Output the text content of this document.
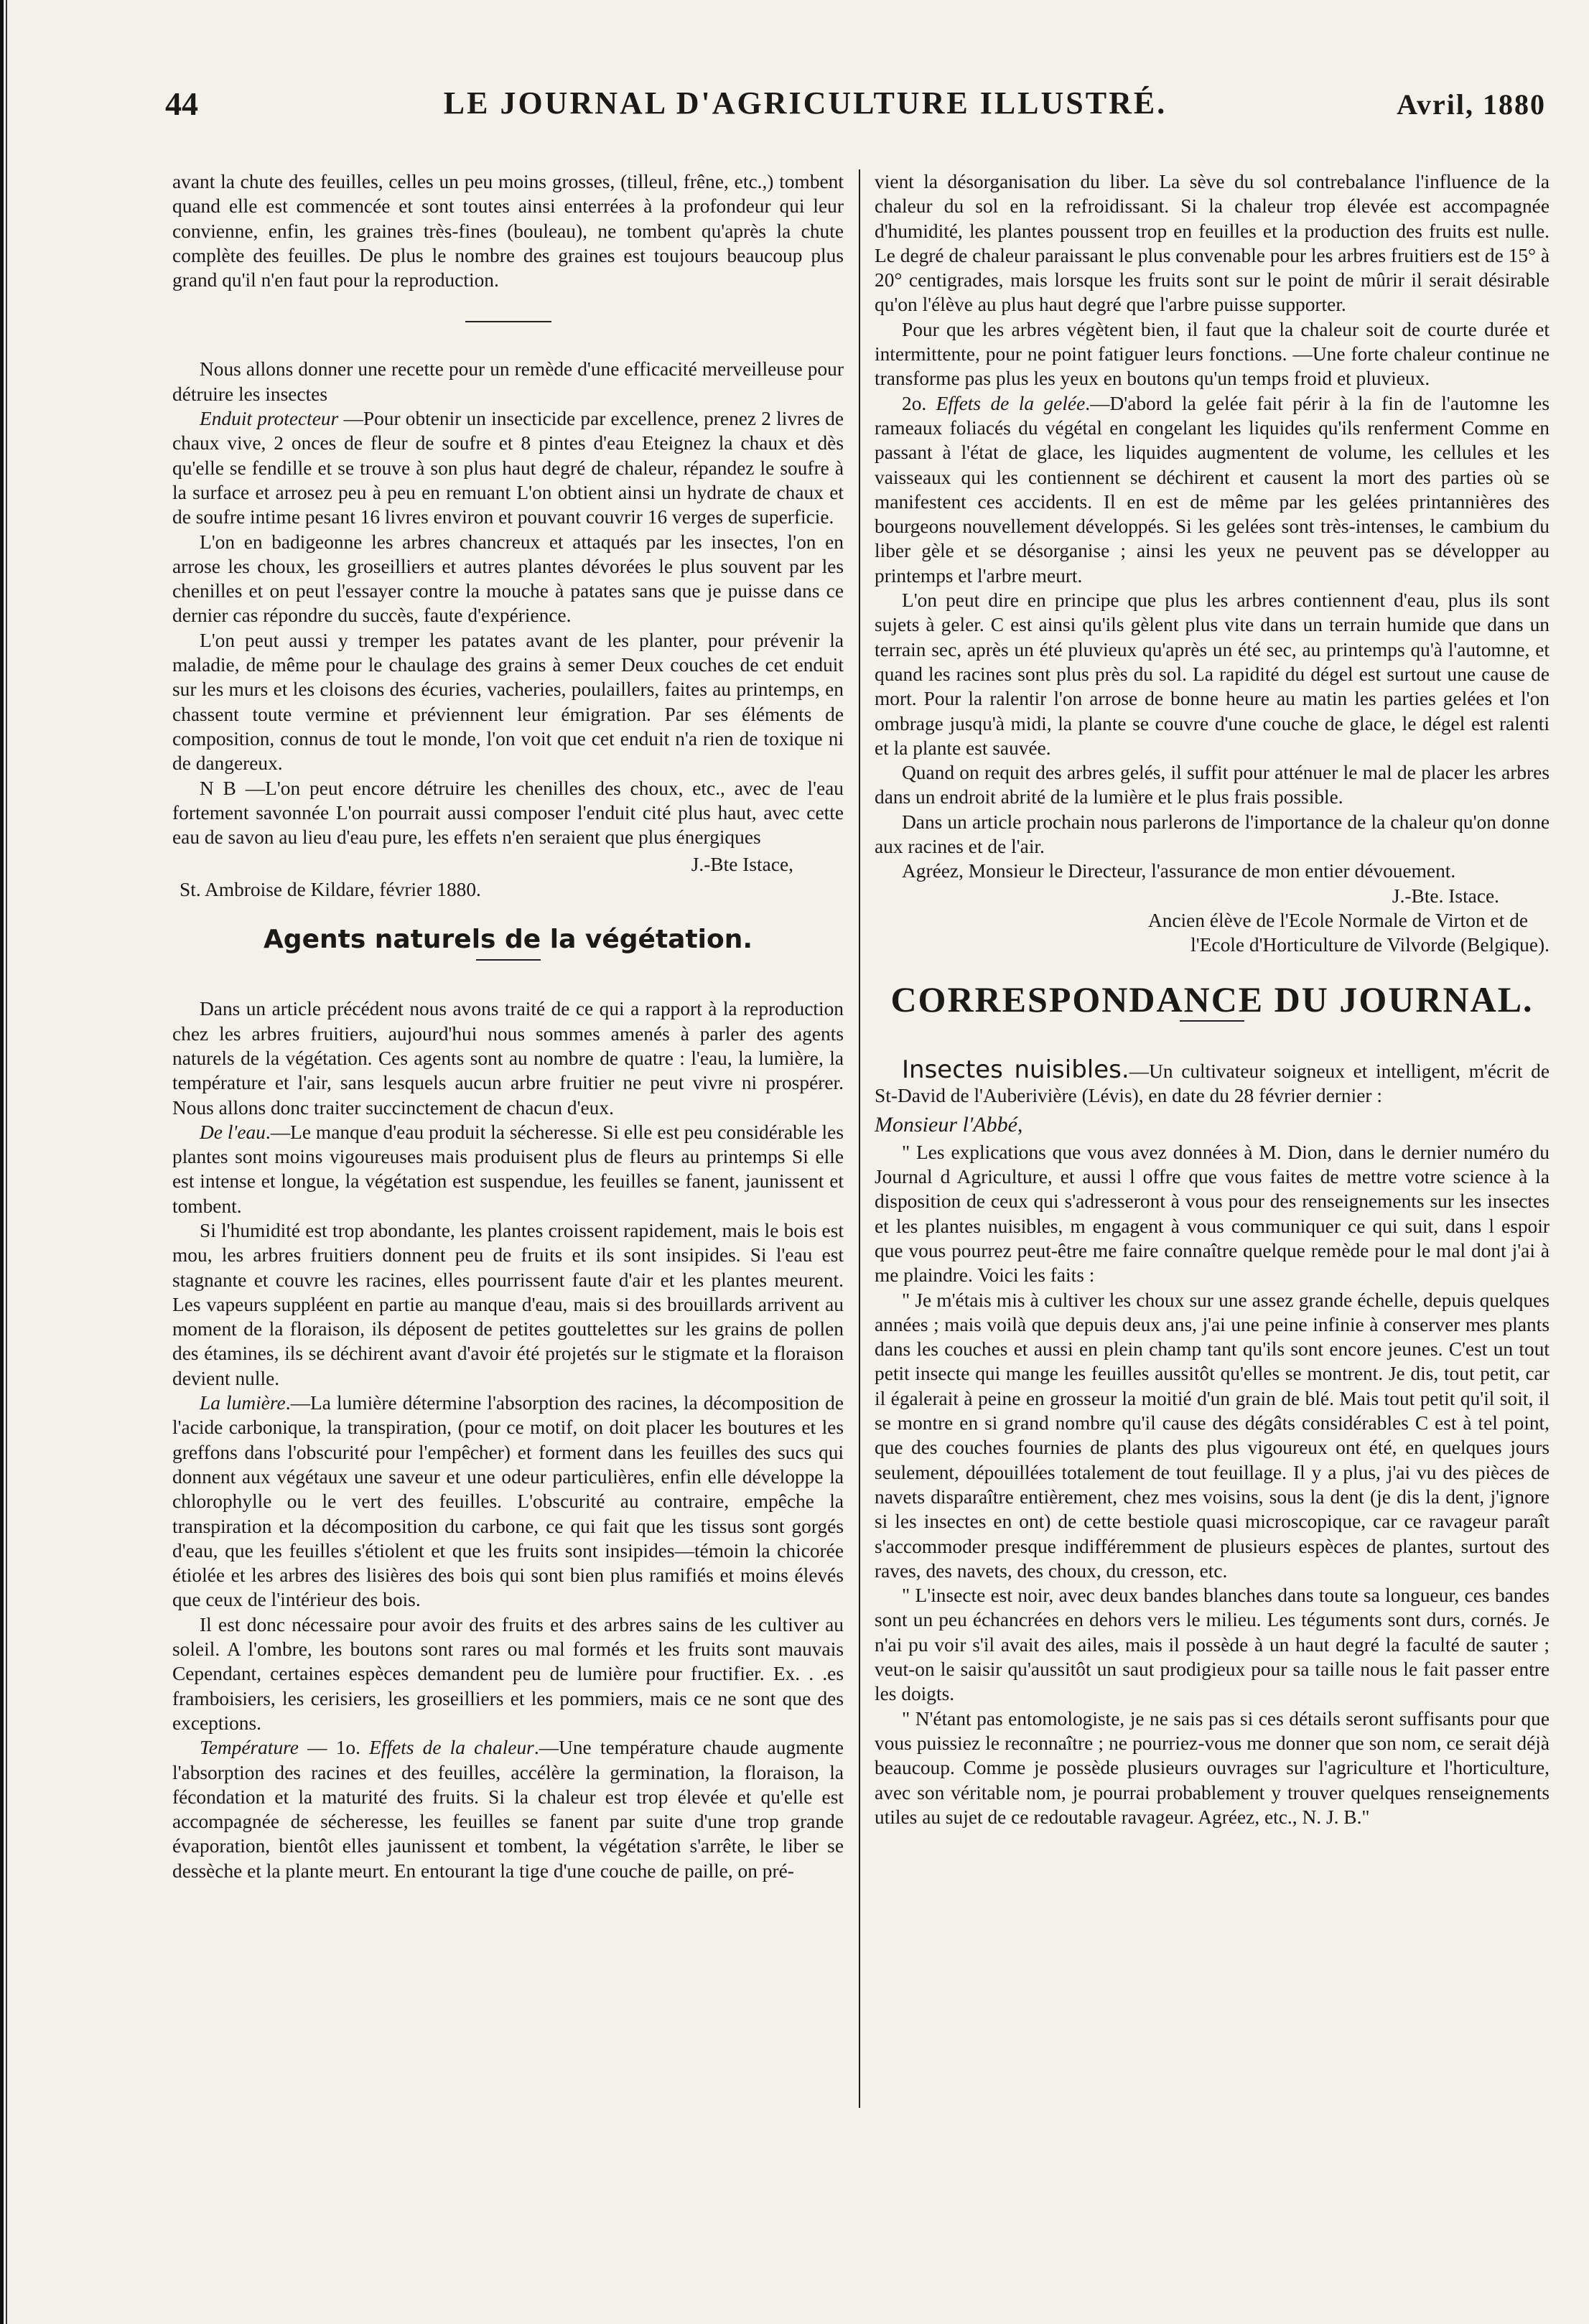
44	LE JOURNAL D'AGRICULTURE ILLUSTRÉ.	Avril, 1880

avant la chute des feuilles, celles un peu moins grosses, (tilleul, frêne, etc.,) tombent quand elle est commencée et sont toutes ainsi enterrées à la profondeur qui leur convienne, enfin, les graines très-fines (bouleau), ne tombent qu'après la chute complète des feuilles. De plus le nombre des graines est toujours beaucoup plus grand qu'il n'en faut pour la reproduction.

Nous allons donner une recette pour un remède d'une efficacité merveilleuse pour détruire les insectes

Enduit protecteur —Pour obtenir un insecticide par excellence, prenez 2 livres de chaux vive, 2 onces de fleur de soufre et 8 pintes d'eau Eteignez la chaux et dès qu'elle se fendille et se trouve à son plus haut degré de chaleur, répandez le soufre à la surface et arrosez peu à peu en remuant L'on obtient ainsi un hydrate de chaux et de soufre intime pesant 16 livres environ et pouvant couvrir 16 verges de superficie.

L'on en badigeonne les arbres chancreux et attaqués par les insectes, l'on en arrose les choux, les groseilliers et autres plantes dévorées le plus souvent par les chenilles et on peut l'essayer contre la mouche à patates sans que je puisse dans ce dernier cas répondre du succès, faute d'expérience.

L'on peut aussi y tremper les patates avant de les planter, pour prévenir la maladie, de même pour le chaulage des grains à semer Deux couches de cet enduit sur les murs et les cloisons des écuries, vacheries, poulaillers, faites au printemps, en chassent toute vermine et préviennent leur émigration. Par ses éléments de composition, connus de tout le monde, l'on voit que cet enduit n'a rien de toxique ni de dangereux.

N B —L'on peut encore détruire les chenilles des choux, etc., avec de l'eau fortement savonnée L'on pourrait aussi composer l'enduit cité plus haut, avec cette eau de savon au lieu d'eau pure, les effets n'en seraient que plus énergiques

J.-Bte Istace,

St. Ambroise de Kildare, février 1880.

Agents naturels de la végétation.

Dans un article précédent nous avons traité de ce qui a rapport à la reproduction chez les arbres fruitiers, aujourd'hui nous sommes amenés à parler des agents naturels de la végétation. Ces agents sont au nombre de quatre : l'eau, la lumière, la température et l'air, sans lesquels aucun arbre fruitier ne peut vivre ni prospérer. Nous allons donc traiter succinctement de chacun d'eux.

De l'eau.—Le manque d'eau produit la sécheresse. Si elle est peu considérable les plantes sont moins vigoureuses mais produisent plus de fleurs au printemps Si elle est intense et longue, la végétation est suspendue, les feuilles se fanent, jaunissent et tombent.

Si l'humidité est trop abondante, les plantes croissent rapidement, mais le bois est mou, les arbres fruitiers donnent peu de fruits et ils sont insipides. Si l'eau est stagnante et couvre les racines, elles pourrissent faute d'air et les plantes meurent. Les vapeurs suppléent en partie au manque d'eau, mais si des brouillards arrivent au moment de la floraison, ils déposent de petites gouttelettes sur les grains de pollen des étamines, ils se déchirent avant d'avoir été projetés sur le stigmate et la floraison devient nulle.

La lumière.—La lumière détermine l'absorption des racines, la décomposition de l'acide carbonique, la transpiration, (pour ce motif, on doit placer les boutures et les greffons dans l'obscurité pour l'empêcher) et forment dans les feuilles des sucs qui donnent aux végétaux une saveur et une odeur particulières, enfin elle développe la chlorophylle ou le vert des feuilles. L'obscurité au contraire, empêche la transpiration et la décomposition du carbone, ce qui fait que les tissus sont gorgés d'eau, que les feuilles s'étiolent et que les fruits sont insipides—témoin la chicorée étiolée et les arbres des lisières des bois qui sont bien plus ramifiés et moins élevés que ceux de l'intérieur des bois.

Il est donc nécessaire pour avoir des fruits et des arbres sains de les cultiver au soleil. A l'ombre, les boutons sont rares ou mal formés et les fruits sont mauvais Cependant, certaines espèces demandent peu de lumière pour fructifier. Ex. . .es framboisiers, les cerisiers, les groseilliers et les pommiers, mais ce ne sont que des exceptions.

Température — 1o. Effets de la chaleur.—Une température chaude augmente l'absorption des racines et des feuilles, accélère la germination, la floraison, la fécondation et la maturité des fruits. Si la chaleur est trop élevée et qu'elle est accompagnée de sécheresse, les feuilles se fanent par suite d'une trop grande évaporation, bientôt elles jaunissent et tombent, la végétation s'arrête, le liber se dessèche et la plante meurt. En entourant la tige d'une couche de paille, on pré-

vient la désorganisation du liber. La sève du sol contrebalance l'influence de la chaleur du sol en la refroidissant. Si la chaleur trop élevée est accompagnée d'humidité, les plantes poussent trop en feuilles et la production des fruits est nulle. Le degré de chaleur paraissant le plus convenable pour les arbres fruitiers est de 15° à 20° centigrades, mais lorsque les fruits sont sur le point de mûrir il serait désirable qu'on l'élève au plus haut degré que l'arbre puisse supporter.

Pour que les arbres végètent bien, il faut que la chaleur soit de courte durée et intermittente, pour ne point fatiguer leurs fonctions. —Une forte chaleur continue ne transforme pas plus les yeux en boutons qu'un temps froid et pluvieux.

2o. Effets de la gelée.—D'abord la gelée fait périr à la fin de l'automne les rameaux foliacés du végétal en congelant les liquides qu'ils renferment Comme en passant à l'état de glace, les liquides augmentent de volume, les cellules et les vaisseaux qui les contiennent se déchirent et causent la mort des parties où se manifestent ces accidents. Il en est de même par les gelées printannières des bourgeons nouvellement développés. Si les gelées sont très-intenses, le cambium du liber gèle et se désorganise ; ainsi les yeux ne peuvent pas se développer au printemps et l'arbre meurt.

L'on peut dire en principe que plus les arbres contiennent d'eau, plus ils sont sujets à geler. C est ainsi qu'ils gèlent plus vite dans un terrain humide que dans un terrain sec, après un été pluvieux qu'après un été sec, au printemps qu'à l'automne, et quand les racines sont plus près du sol. La rapidité du dégel est surtout une cause de mort. Pour la ralentir l'on arrose de bonne heure au matin les parties gelées et l'on ombrage jusqu'à midi, la plante se couvre d'une couche de glace, le dégel est ralenti et la plante est sauvée.

Quand on requit des arbres gelés, il suffit pour atténuer le mal de placer les arbres dans un endroit abrité de la lumière et le plus frais possible.

Dans un article prochain nous parlerons de l'importance de la chaleur qu'on donne aux racines et de l'air.

Agréez, Monsieur le Directeur, l'assurance de mon entier dévouement.

J.-Bte. Istace.
Ancien élève de l'Ecole Normale de Virton et de
l'Ecole d'Horticulture de Vilvorde (Belgique).
CORRESPONDANCE DU JOURNAL.

Insectes nuisibles.—Un cultivateur soigneux et intelligent, m'écrit de St-David de l'Auberivière (Lévis), en date du 28 février dernier :

Monsieur l'Abbé,

" Les explications que vous avez données à M. Dion, dans le dernier numéro du Journal d Agriculture, et aussi l offre que vous faites de mettre votre science à la disposition de ceux qui s'adresseront à vous pour des renseignements sur les insectes et les plantes nuisibles, m engagent à vous communiquer ce qui suit, dans l espoir que vous pourrez peut-être me faire connaître quelque remède pour le mal dont j'ai à me plaindre. Voici les faits :

" Je m'étais mis à cultiver les choux sur une assez grande échelle, depuis quelques années ; mais voilà que depuis deux ans, j'ai une peine infinie à conserver mes plants dans les couches et aussi en plein champ tant qu'ils sont encore jeunes. C'est un tout petit insecte qui mange les feuilles aussitôt qu'elles se montrent. Je dis, tout petit, car il égalerait à peine en grosseur la moitié d'un grain de blé. Mais tout petit qu'il soit, il se montre en si grand nombre qu'il cause des dégâts considérables C est à tel point, que des couches fournies de plants des plus vigoureux ont été, en quelques jours seulement, dépouillées totalement de tout feuillage. Il y a plus, j'ai vu des pièces de navets disparaître entièrement, chez mes voisins, sous la dent (je dis la dent, j'ignore si les insectes en ont) de cette bestiole quasi microscopique, car ce ravageur paraît s'accommoder presque indifféremment de plusieurs espèces de plantes, surtout des raves, des navets, des choux, du cresson, etc.

" L'insecte est noir, avec deux bandes blanches dans toute sa longueur, ces bandes sont un peu échancrées en dehors vers le milieu. Les téguments sont durs, cornés. Je n'ai pu voir s'il avait des ailes, mais il possède à un haut degré la faculté de sauter ; veut-on le saisir qu'aussitôt un saut prodigieux pour sa taille nous le fait passer entre les doigts.

" N'étant pas entomologiste, je ne sais pas si ces détails seront suffisants pour que vous puissiez le reconnaître ; ne pourriez-vous me donner que son nom, ce serait déjà beaucoup. Comme je possède plusieurs ouvrages sur l'agriculture et l'horticulture, avec son véritable nom, je pourrai probablement y trouver quelques renseignements utiles au sujet de ce redoutable ravageur. Agréez, etc., N. J. B."
